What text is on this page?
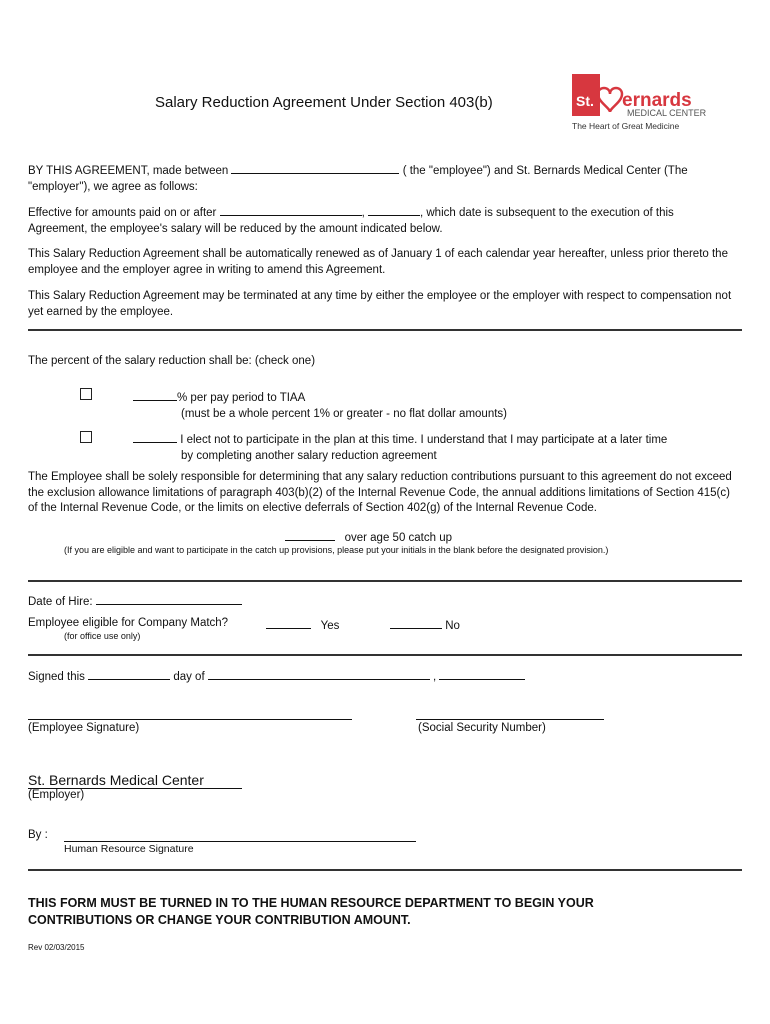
Salary Reduction Agreement Under Section 403(b)	St. ernards
MEDICAL CENTER
The Heart of Great Medicine
BY THIS AGREEMENT, made between	( the "employee") and St. Bernards Medical Center (The
"employer"), we agree as follows:
Effective for amounts paid on or after	,	, which date is subsequent to the execution of this
Agreement, the employee's salary will be reduced by the amount indicated below.
This Salary Reduction Agreement shall be automatically renewed as of January 1 of each calendar year hereafter, unless prior thereto the
employee and the employer agree in writing to amend this Agreement.
This Salary Reduction Agreement may be terminated at any time by either the employee or the employer with respect to compensation not
yet earned by the employee.
The percent of the salary reduction shall be: (check one)
% per pay period to TIAA
(must be a whole percent 1% or greater - no flat dollar amounts)
I elect not to participate in the plan at this time. I understand that I may participate at a later time
by completing another salary reduction agreement
The Employee shall be solely responsible for determining that any salary reduction contributions pursuant to this agreement do not exceed
the exclusion allowance limitations of paragraph 403(b)(2) of the Internal Revenue Code, the annual additions limitations of Section 415(c)
of the Internal Revenue Code, or the limits on elective deferrals of Section 402(g) of the Internal Revenue Code.
over age 50 catch up
(If you are eligible and want to participate in the catch up provisions, please put your initials in the blank before the designated provision.)
Date of Hire:
Employee eligible for Company Match?
(for office use only)
Yes	No
Signed this	day of	,
(Employee Signature)	(Social Security Number)
St. Bernards Medical Center
(Employer)
By :
Human Resource Signature
THIS FORM MUST BE TURNED IN TO THE HUMAN RESOURCE DEPARTMENT TO BEGIN YOUR
CONTRIBUTIONS OR CHANGE YOUR CONTRIBUTION AMOUNT.
Rev 02/03/2015
